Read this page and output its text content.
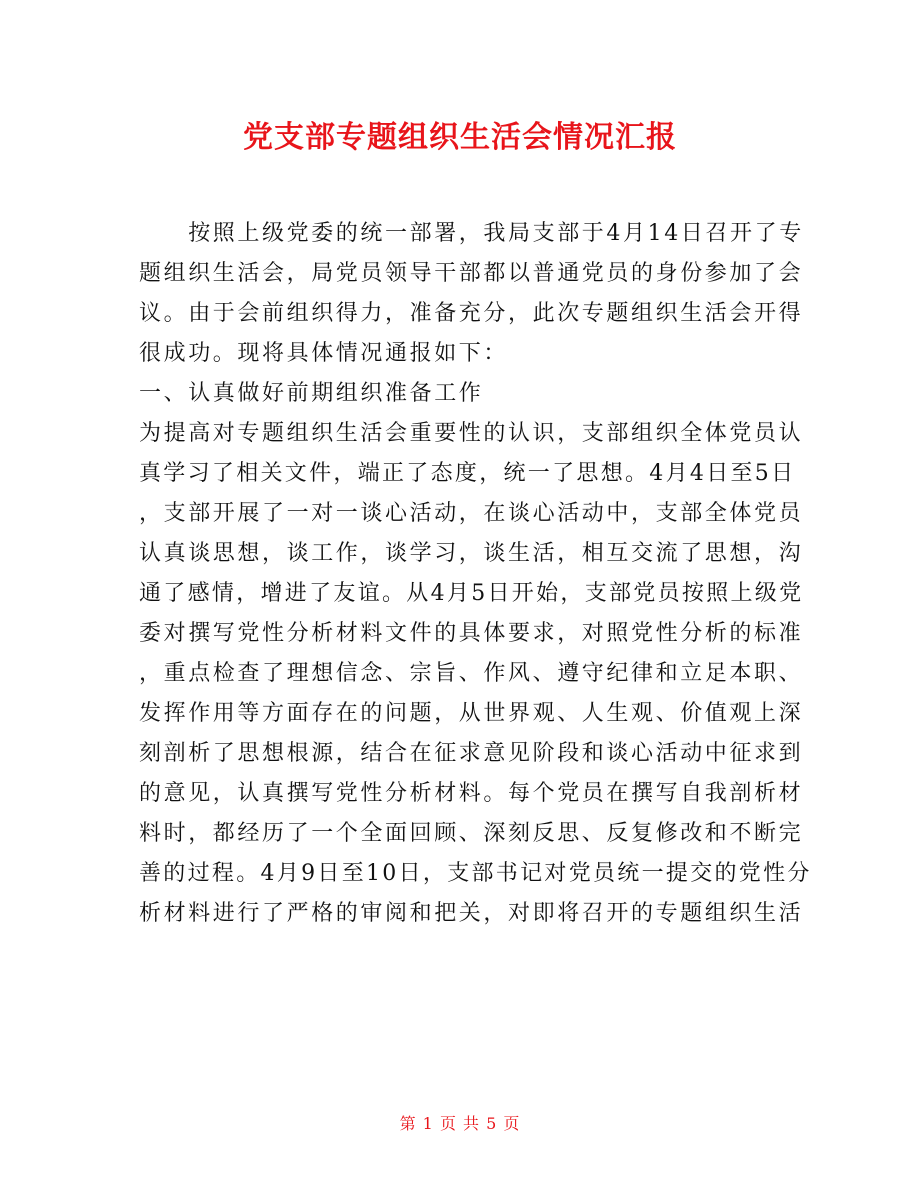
党支部专题组织生活会情况汇报
　　按照上级党委的统一部署，我局支部于4月14日召开了专
题组织生活会，局党员领导干部都以普通党员的身份参加了会
议。由于会前组织得力，准备充分，此次专题组织生活会开得
很成功。现将具体情况通报如下：
一、认真做好前期组织准备工作
为提高对专题组织生活会重要性的认识，支部组织全体党员认
真学习了相关文件，端正了态度，统一了思想。4月4日至5日
，支部开展了一对一谈心活动，在谈心活动中，支部全体党员
认真谈思想，谈工作，谈学习，谈生活，相互交流了思想，沟
通了感情，增进了友谊。从4月5日开始，支部党员按照上级党
委对撰写党性分析材料文件的具体要求，对照党性分析的标准
，重点检查了理想信念、宗旨、作风、遵守纪律和立足本职、
发挥作用等方面存在的问题，从世界观、人生观、价值观上深
刻剖析了思想根源，结合在征求意见阶段和谈心活动中征求到
的意见，认真撰写党性分析材料。每个党员在撰写自我剖析材
料时，都经历了一个全面回顾、深刻反思、反复修改和不断完
善的过程。4月9日至10日，支部书记对党员统一提交的党性分
析材料进行了严格的审阅和把关，对即将召开的专题组织生活
第 1 页 共 5 页
